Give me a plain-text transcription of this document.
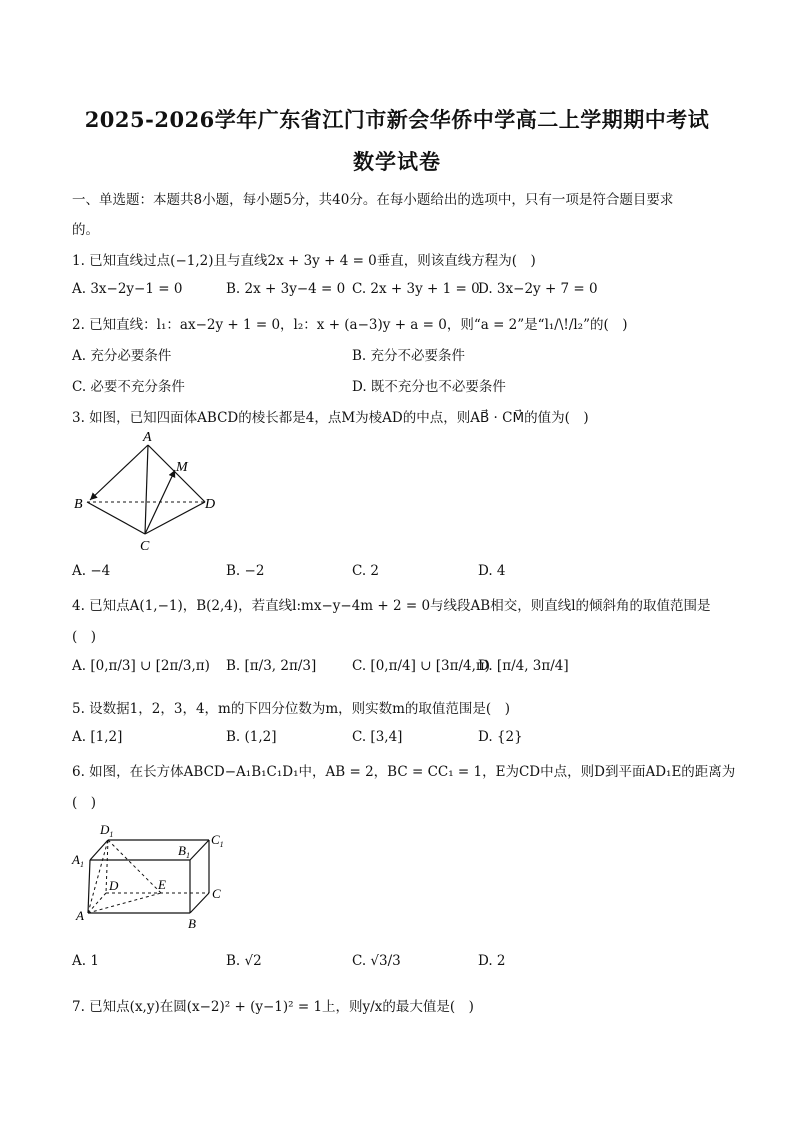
2025-2026学年广东省江门市新会华侨中学高二上学期期中考试
数学试卷
一、单选题：本题共8小题，每小题5分，共40分。在每小题给出的选项中，只有一项是符合题目要求
的。
1. 已知直线过点(−1,2)且与直线2x + 3y + 4 = 0垂直，则该直线方程为(　)
A. 3x−2y−1 = 0	B. 2x + 3y−4 = 0 C. 2x + 3y + 1 = 0
D. 3x−2y + 7 = 0
2. 已知直线：l₁：ax−2y + 1 = 0，l₂：x + (a−3)y + a = 0，则“a = 2”是“l₁/\!/l₂”的(　)
A. 充分必要条件	B. 充分不必要条件
C. 必要不充分条件	D. 既不充分也不必要条件
3. 如图，已知四面体ABCD的棱长都是4，点M为棱AD的中点，则AB⃗ · CM⃗的值为(　)
A
B
C
D
M
A. −4	B. −2	C. 2	D. 4
4. 已知点A(1,−1)，B(2,4)，若直线l:mx−y−4m + 2 = 0与线段AB相交，则直线l的倾斜角的取值范围是
(　)
A. [0,π/3] ∪ [2π/3,π) B. [π/3, 2π/3]	C. [0,π/4] ∪ [3π/4,π)
D. [π/4, 3π/4]
5. 设数据1，2，3，4，m的下四分位数为m，则实数m的取值范围是(　)
A. [1,2]	B. (1,2]	C. [3,4]	D. {2}
6. 如图，在长方体ABCD−A₁B₁C₁D₁中，AB = 2，BC = CC₁ = 1，E为CD中点，则D到平面AD₁E的距离为
(　)
$D_1$	$C_1$
$A_1$
$B_1$
D	E
C
A
B
A. 1	B. √2	C. √3/3	D. 2
7. 已知点(x,y)在圆(x−2)² + (y−1)² = 1上，则y/x的最大值是(　)
